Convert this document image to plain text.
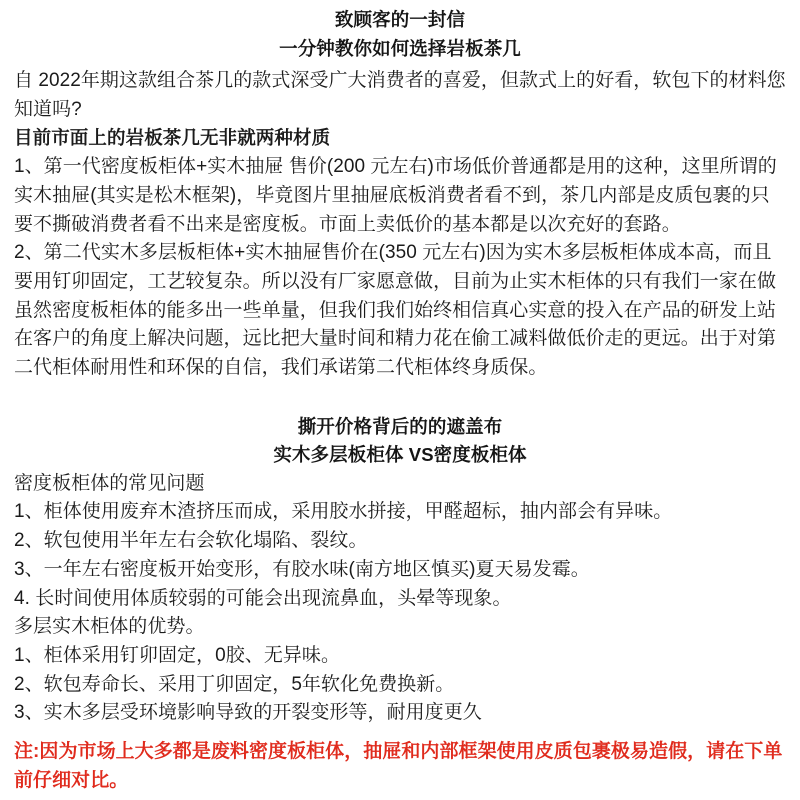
致顾客的一封信
一分钟教你如何选择岩板茶几

自 2022年期这款组合茶几的款式深受广大消费者的喜爱，但款式上的好看，软包下的材料您知道吗?

目前市面上的岩板茶几无非就两种材质

1、第一代密度板柜体+实木抽屉 售价(200 元左右)市场低价普通都是用的这种，这里所谓的实木抽屉(其实是松木框架)，毕竟图片里抽屉底板消费者看不到，茶几内部是皮质包裹的只要不撕破消费者看不出来是密度板。市面上卖低价的基本都是以次充好的套路。

2、第二代实木多层板柜体+实木抽屉售价在(350 元左右)因为实木多层板柜体成本高，而且要用钉卯固定，工艺较复杂。所以没有厂家愿意做，目前为止实木柜体的只有我们一家在做虽然密度板柜体的能多出一些单量，但我们我们始终相信真心实意的投入在产品的研发上站在客户的角度上解决问题，远比把大量时间和精力花在偷工减料做低价走的更远。出于对第二代柜体耐用性和环保的自信，我们承诺第二代柜体终身质保。

撕开价格背后的的遮盖布
实木多层板柜体 VS密度板柜体

密度板柜体的常见问题

1、柜体使用废弃木渣挤压而成，采用胶水拼接，甲醛超标，抽内部会有异味。

2、软包使用半年左右会软化塌陷、裂纹。

3、一年左右密度板开始变形，有胶水味(南方地区慎买)夏天易发霉。

4. 长时间使用体质较弱的可能会出现流鼻血，头晕等现象。

多层实木柜体的优势。

1、柜体采用钉卯固定，0胶、无异味。

2、软包寿命长、采用丁卯固定，5年软化免费换新。

3、实木多层受环境影响导致的开裂变形等，耐用度更久

注:因为市场上大多都是废料密度板柜体，抽屉和内部框架使用皮质包裹极易造假，请在下单前仔细对比。
